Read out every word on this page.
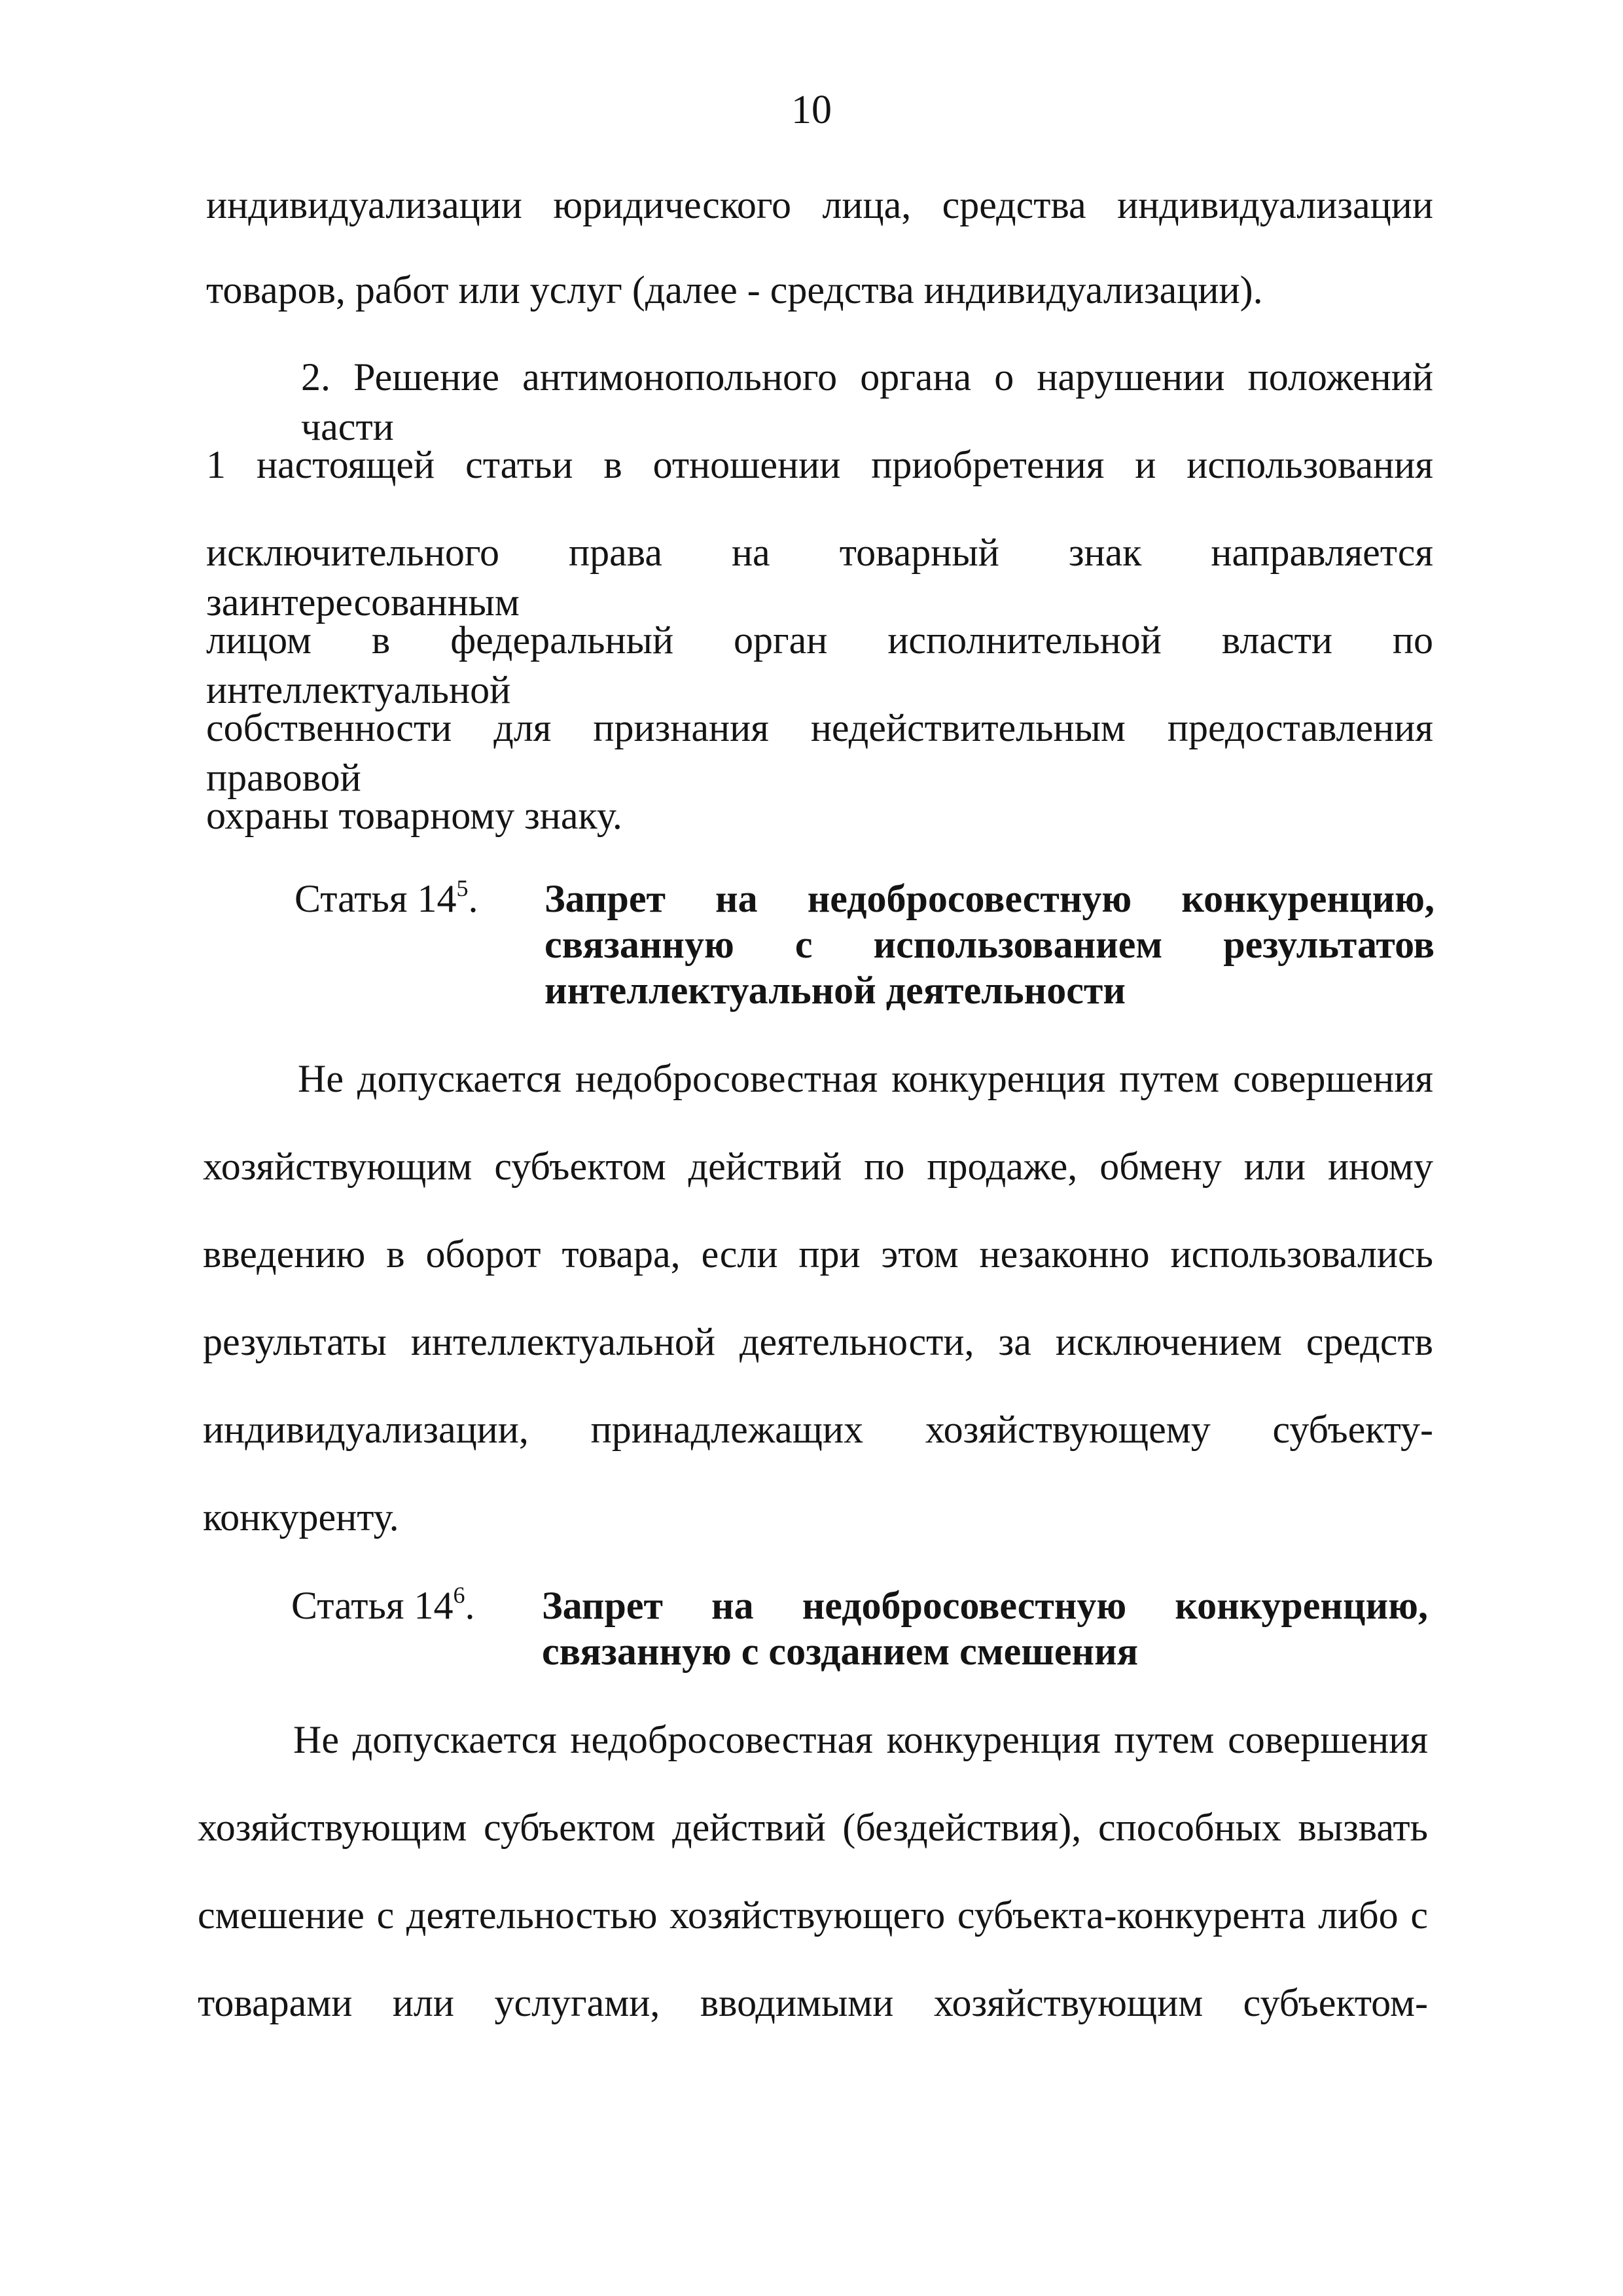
10
индивидуализации юридического лица, средства индивидуализации
товаров, работ или услуг (далее - средства индивидуализации).
2. Решение антимонопольного органа о нарушении положений части
1 настоящей статьи в отношении приобретения и использования
исключительного права на товарный знак направляется заинтересованным
лицом в федеральный орган исполнительной власти по интеллектуальной
собственности для признания недействительным предоставления правовой
охраны товарному знаку.
Статья $14^5$. Запрет на недобросовестную конкуренцию,
связанную с использованием результатов
интеллектуальной деятельности
Не допускается недобросовестная конкуренция путем совершения
хозяйствующим субъектом действий по продаже, обмену или иному
введению в оборот товара, если при этом незаконно использовались
результаты интеллектуальной деятельности, за исключением средств
индивидуализации, принадлежащих хозяйствующему субъекту-
конкуренту.
Статья $14^6$. Запрет на недобросовестную конкуренцию,
связанную с созданием смешения
Не допускается недобросовестная конкуренция путем совершения
хозяйствующим субъектом действий (бездействия), способных вызвать
смешение с деятельностью хозяйствующего субъекта-конкурента либо с
товарами или услугами, вводимыми хозяйствующим субъектом-
